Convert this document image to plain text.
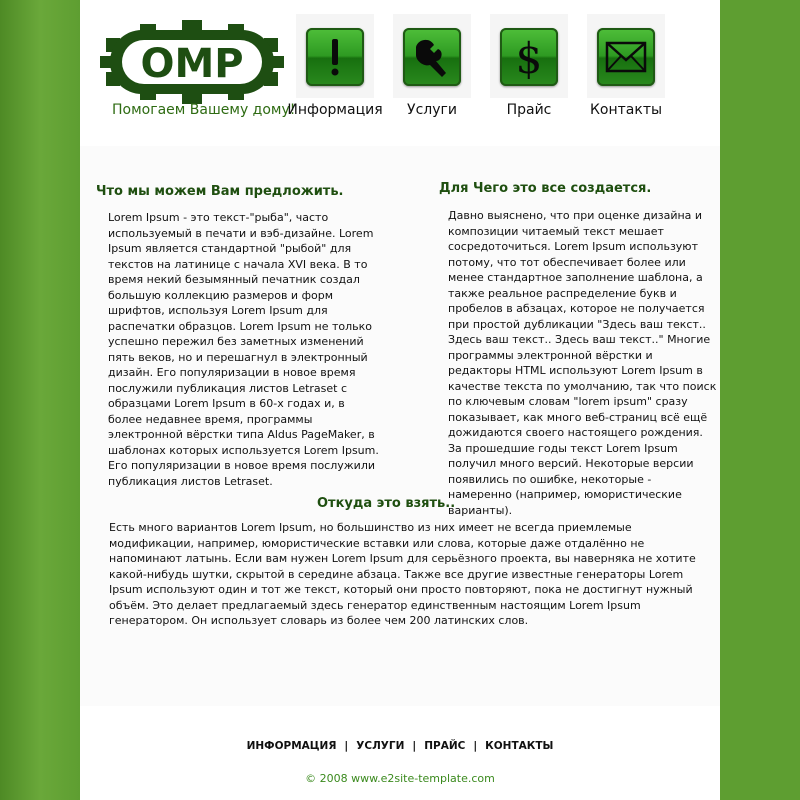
OMP
Помогаем Вашему дому!
Информация	Услуги
$
Прайс	Контакты
Что мы можем Вам предложить.

Lorem Ipsum - это текст-"рыба", часто используемый в печати и вэб-дизайне. Lorem Ipsum является стандартной "рыбой" для текстов на латинице с начала XVI века. В то время некий безымянный печатник создал большую коллекцию размеров и форм шрифтов, используя Lorem Ipsum для распечатки образцов. Lorem Ipsum не только успешно пережил без заметных изменений пять веков, но и перешагнул в электронный дизайн. Его популяризации в новое время послужили публикация листов Letraset с образцами Lorem Ipsum в 60-х годах и, в более недавнее время, программы электронной вёрстки типа Aldus PageMaker, в шаблонах которых используется Lorem Ipsum. Его популяризации в новое время послужили публикация листов Letraset.

Для Чего это все создается.

Давно выяснено, что при оценке дизайна и композиции читаемый текст мешает сосредоточиться. Lorem Ipsum используют потому, что тот обеспечивает более или менее стандартное заполнение шаблона, а также реальное распределение букв и пробелов в абзацах, которое не получается при простой дубликации "Здесь ваш текст.. Здесь ваш текст.. Здесь ваш текст.." Многие программы электронной вёрстки и редакторы HTML используют Lorem Ipsum в качестве текста по умолчанию, так что поиск по ключевым словам "lorem ipsum" сразу показывает, как много веб-страниц всё ещё дожидаются своего настоящего рождения. За прошедшие годы текст Lorem Ipsum получил много версий. Некоторые версии появились по ошибке, некоторые - намеренно (например, юмористические варианты).

Откуда это взять..

Есть много вариантов Lorem Ipsum, но большинство из них имеет не всегда приемлемые модификации, например, юмористические вставки или слова, которые даже отдалённо не напоминают латынь. Если вам нужен Lorem Ipsum для серьёзного проекта, вы наверняка не хотите какой-нибудь шутки, скрытой в середине абзаца. Также все другие известные генераторы Lorem Ipsum используют один и тот же текст, который они просто повторяют, пока не достигнут нужный объём. Это делает предлагаемый здесь генератор единственным настоящим Lorem Ipsum генератором. Он использует словарь из более чем 200 латинских слов.

ИНФОРМАЦИЯ | УСЛУГИ | ПРАЙС | КОНТАКТЫ
© 2008 www.e2site-template.com
